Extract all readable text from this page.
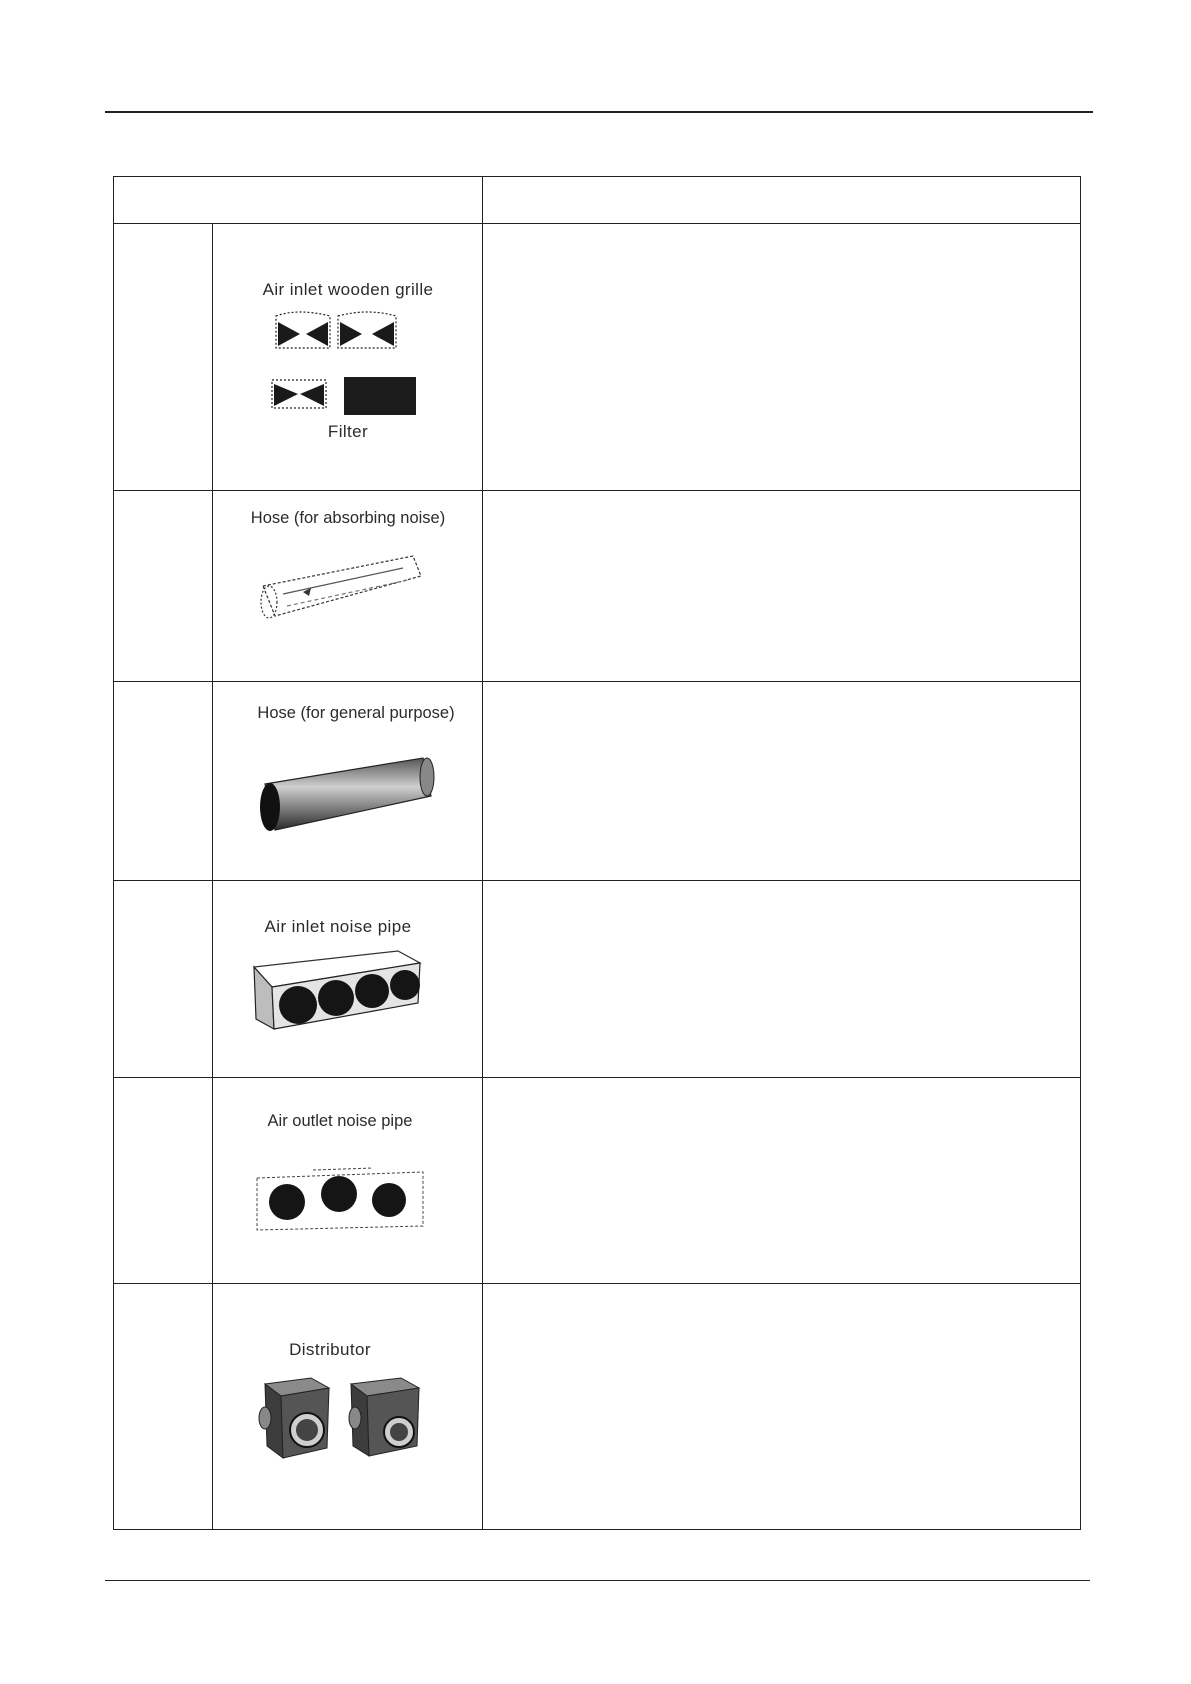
	Air inlet wooden grille
Filter	

	Hose (for absorbing noise)	

	Hose (for general purpose)	

	Air inlet noise pipe	

	Air outlet noise pipe	

	Distributor	
